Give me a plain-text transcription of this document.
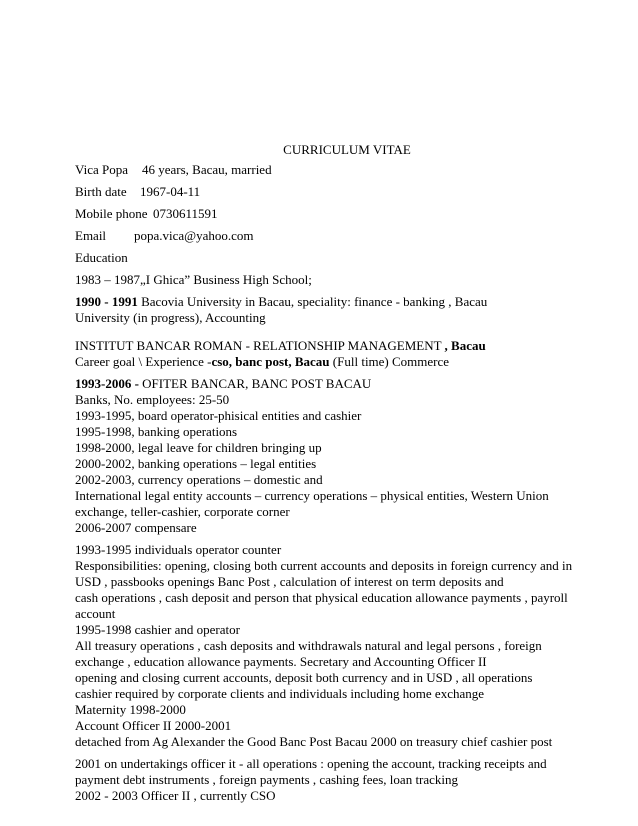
CURRICULUM VITAE
Vica Popa 46 years, Bacau, married
Birth date 1967-04-11
Mobile phone 0730611591
Email popa.vica@yahoo.com
Education
1983 – 1987„I Ghica” Business High School;
1990 - 1991 Bacovia University in Bacau, speciality: finance - banking , Bacau
University (in progress), Accounting
INSTITUT BANCAR ROMAN - RELATIONSHIP MANAGEMENT , Bacau
Career goal \ Experience -cso, banc post, Bacau (Full time) Commerce
1993-2006 - OFITER BANCAR, BANC POST BACAU
Banks, No. employees: 25-50
1993-1995, board operator-phisical entities and cashier
1995-1998, banking operations
1998-2000, legal leave for children bringing up
2000-2002, banking operations – legal entities
2002-2003, currency operations – domestic and
International legal entity accounts – currency operations – physical entities, Western Union
exchange, teller-cashier, corporate corner
2006-2007 compensare
1993-1995 individuals operator counter
Responsibilities: opening, closing both current accounts and deposits in foreign currency and in
USD , passbooks openings Banc Post , calculation of interest on term deposits and
cash operations , cash deposit and person that physical education allowance payments , payroll
account
1995-1998 cashier and operator
All treasury operations , cash deposits and withdrawals natural and legal persons , foreign
exchange , education allowance payments. Secretary and Accounting Officer II
opening and closing current accounts, deposit both currency and in USD , all operations
cashier required by corporate clients and individuals including home exchange
Maternity 1998-2000
Account Officer II 2000-2001
detached from Ag Alexander the Good Banc Post Bacau 2000 on treasury chief cashier post
2001 on undertakings officer it - all operations : opening the account, tracking receipts and
payment debt instruments , foreign payments , cashing fees, loan tracking
2002 - 2003 Officer II , currently CSO
